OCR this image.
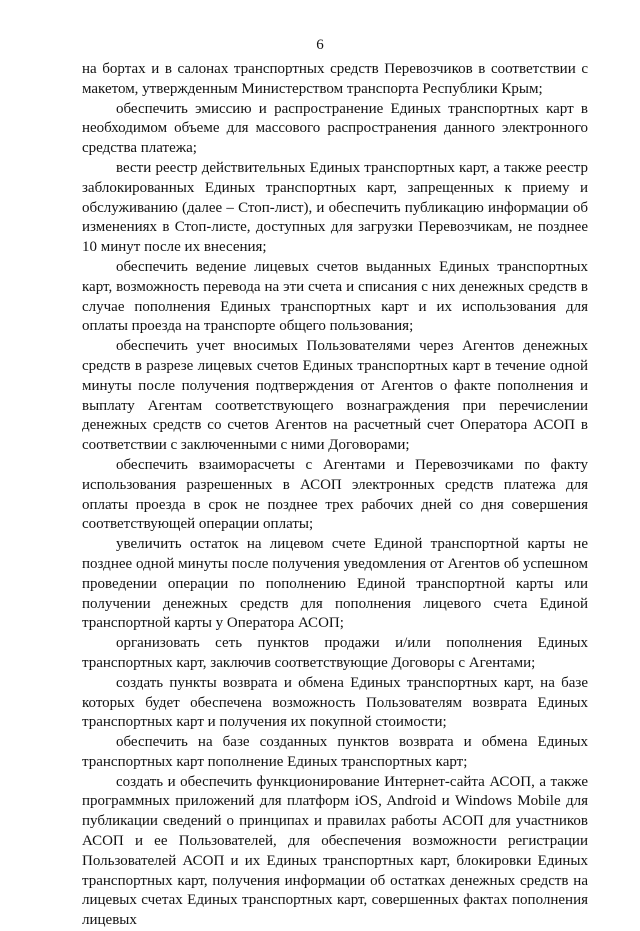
6

на бортах и в салонах транспортных средств Перевозчиков в соответствии с макетом, утвержденным Министерством транспорта Республики Крым;

обеспечить эмиссию и распространение Единых транспортных карт в необходимом объеме для массового распространения данного электронного средства платежа;

вести реестр действительных Единых транспортных карт, а также реестр заблокированных Единых транспортных карт, запрещенных к приему и обслуживанию (далее – Стоп-лист), и обеспечить публикацию информации об изменениях в Стоп-листе, доступных для загрузки Перевозчикам, не позднее 10 минут после их внесения;

обеспечить ведение лицевых счетов выданных Единых транспортных карт, возможность перевода на эти счета и списания с них денежных средств в случае пополнения Единых транспортных карт и их использования для оплаты проезда на транспорте общего пользования;

обеспечить учет вносимых Пользователями через Агентов денежных средств в разрезе лицевых счетов Единых транспортных карт в течение одной минуты после получения подтверждения от Агентов о факте пополнения и выплату Агентам соответствующего вознаграждения при перечислении денежных средств со счетов Агентов на расчетный счет Оператора АСОП в соответствии с заключенными с ними Договорами;

обеспечить взаиморасчеты с Агентами и Перевозчиками по факту использования разрешенных в АСОП электронных средств платежа для оплаты проезда в срок не позднее трех рабочих дней со дня совершения соответствующей операции оплаты;

увеличить остаток на лицевом счете Единой транспортной карты не позднее одной минуты после получения уведомления от Агентов об успешном проведении операции по пополнению Единой транспортной карты или получении денежных средств для пополнения лицевого счета Единой транспортной карты у Оператора АСОП;

организовать сеть пунктов продажи и/или пополнения Единых транспортных карт, заключив соответствующие Договоры с Агентами;

создать пункты возврата и обмена Единых транспортных карт, на базе которых будет обеспечена возможность Пользователям возврата Единых транспортных карт и получения их покупной стоимости;

обеспечить на базе созданных пунктов возврата и обмена Единых транспортных карт пополнение Единых транспортных карт;

создать и обеспечить функционирование Интернет-сайта АСОП, а также программных приложений для платформ iOS, Android и Windows Mobile для публикации сведений о принципах и правилах работы АСОП для участников АСОП и ее Пользователей, для обеспечения возможности регистрации Пользователей АСОП и их Единых транспортных карт, блокировки Единых транспортных карт, получения информации об остатках денежных средств на лицевых счетах Единых транспортных карт, совершенных фактах пополнения лицевых
